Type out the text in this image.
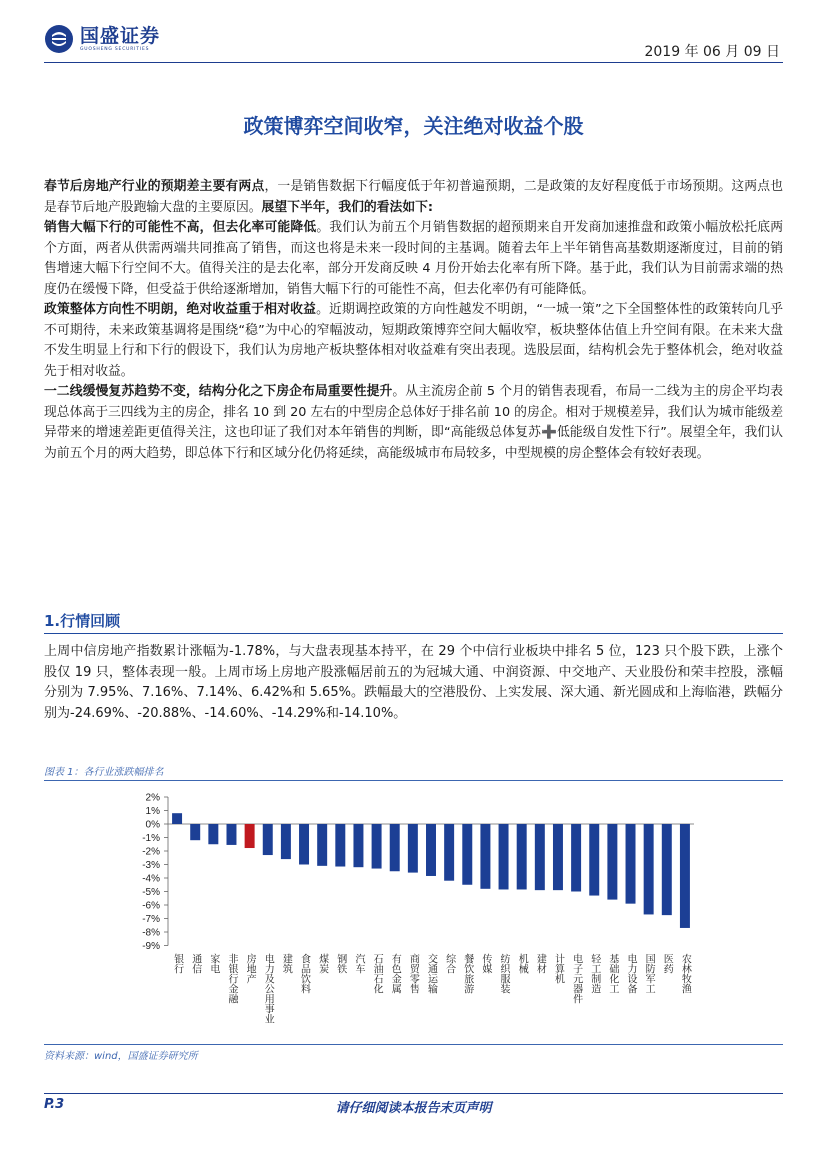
国盛证券
GUOSHENG SECURITIES	2019 年 06 月 09 日
政策博弈空间收窄，关注绝对收益个股

春节后房地产行业的预期差主要有两点，一是销售数据下行幅度低于年初普遍预期，二是政策的友好程度低于市场预期。这两点也是春节后地产股跑输大盘的主要原因。展望下半年，我们的看法如下:

销售大幅下行的可能性不高，但去化率可能降低。我们认为前五个月销售数据的超预期来自开发商加速推盘和政策小幅放松托底两个方面，两者从供需两端共同推高了销售，而这也将是未来一段时间的主基调。随着去年上半年销售高基数期逐渐度过，目前的销售增速大幅下行空间不大。值得关注的是去化率，部分开发商反映 4 月份开始去化率有所下降。基于此，我们认为目前需求端的热度仍在缓慢下降，但受益于供给逐渐增加，销售大幅下行的可能性不高，但去化率仍有可能降低。

政策整体方向性不明朗，绝对收益重于相对收益。近期调控政策的方向性越发不明朗，“一城一策”之下全国整体性的政策转向几乎不可期待，未来政策基调将是围绕“稳”为中心的窄幅波动，短期政策博弈空间大幅收窄，板块整体估值上升空间有限。在未来大盘不发生明显上行和下行的假设下，我们认为房地产板块整体相对收益难有突出表现。选股层面，结构机会先于整体机会，绝对收益先于相对收益。

一二线缓慢复苏趋势不变，结构分化之下房企布局重要性提升。从主流房企前 5 个月的销售表现看，布局一二线为主的房企平均表现总体高于三四线为主的房企，排名 10 到 20 左右的中型房企总体好于排名前 10 的房企。相对于规模差异，我们认为城市能级差异带来的增速差距更值得关注，这也印证了我们对本年销售的判断，即“高能级总体复苏➕低能级自发性下行”。展望全年，我们认为前五个月的两大趋势，即总体下行和区域分化仍将延续，高能级城市布局较多，中型规模的房企整体会有较好表现。

1.行情回顾
上周中信房地产指数累计涨幅为-1.78%，与大盘表现基本持平，在 29 个中信行业板块中排名 5 位，123 只个股下跌，上涨个股仅 19 只，整体表现一般。上周市场上房地产股涨幅居前五的为冠城大通、中润资源、中交地产、天业股份和荣丰控股，涨幅分别为 7.95%、7.16%、7.14%、6.42%和 5.65%。跌幅最大的空港股份、上实发展、深大通、新光圆成和上海临港，跌幅分别为-24.69%、-20.88%、-14.60%、-14.29%和-14.10%。
图表 1：各行业涨跌幅排名
2%
1%
0%
-1%
-2%
-3%
-4%
-5%
-6%
-7%
-8%
-9%
银行 通信 家电 非银行金融 房地产 电力及公用事业 建筑 食品饮料 煤炭 钢铁 汽车 石油石化 有色金属 商贸零售 交通运输 综合 餐饮旅游 传媒 纺织服装 机械 建材 计算机 电子元器件 轻工制造 基础化工 电力设备 国防军工 医药 农林牧渔
资料来源：wind，国盛证券研究所
P.3	请仔细阅读本报告末页声明
